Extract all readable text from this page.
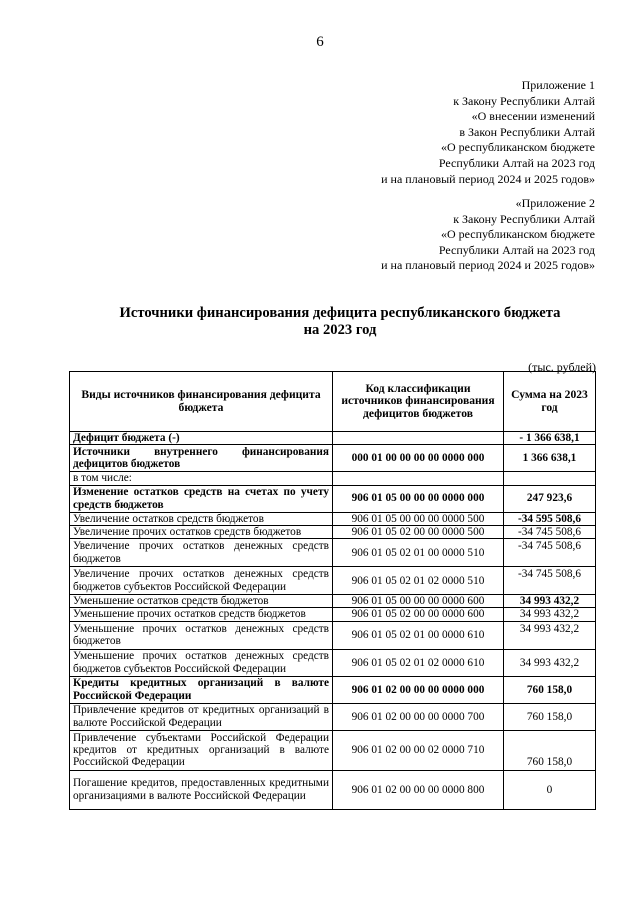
6
Приложение 1
к Закону Республики Алтай
«О внесении изменений
в Закон Республики Алтай
«О республиканском бюджете
Республики Алтай на 2023 год
и на плановый период 2024 и 2025 годов»
«Приложение 2
к Закону Республики Алтай
«О республиканском бюджете
Республики Алтай на 2023 год
и на плановый период 2024 и 2025 годов»
Источники финансирования дефицита республиканского бюджета
на 2023 год
(тыс. рублей)
Виды источников финансирования дефицита бюджета	Код классификации источников финансирования дефицитов бюджетов	Сумма на 2023 год
Дефицит бюджета (-)		- 1 366 638,1
Источники внутреннего финансирования дефицитов бюджетов	000 01 00 00 00 00 0000 000	1 366 638,1
в том числе:		
Изменение остатков средств на счетах по учету средств бюджетов	906 01 05 00 00 00 0000 000	247 923,6
Увеличение остатков средств бюджетов	906 01 05 00 00 00 0000 500	-34 595 508,6
Увеличение прочих остатков средств бюджетов	906 01 05 02 00 00 0000 500	-34 745 508,6
Увеличение прочих остатков денежных средств бюджетов	906 01 05 02 01 00 0000 510	-34 745 508,6
Увеличение прочих остатков денежных средств бюджетов субъектов Российской Федерации	906 01 05 02 01 02 0000 510	-34 745 508,6
Уменьшение остатков средств бюджетов	906 01 05 00 00 00 0000 600	34 993 432,2
Уменьшение прочих остатков средств бюджетов	906 01 05 02 00 00 0000 600	34 993 432,2
Уменьшение прочих остатков денежных средств бюджетов	906 01 05 02 01 00 0000 610	34 993 432,2
Уменьшение прочих остатков денежных средств бюджетов субъектов Российской Федерации	906 01 05 02 01 02 0000 610	34 993 432,2
Кредиты кредитных организаций в валюте Российской Федерации	906 01 02 00 00 00 0000 000	760 158,0
Привлечение кредитов от кредитных организаций в валюте Российской Федерации	906 01 02 00 00 00 0000 700	760 158,0
Привлечение субъектами Российской Федерации кредитов от кредитных организаций в валюте Российской Федерации	906 01 02 00 00 02 0000 710	760 158,0
Погашение кредитов, предоставленных кредитными организациями в валюте Российской Федерации	906 01 02 00 00 00 0000 800	0
